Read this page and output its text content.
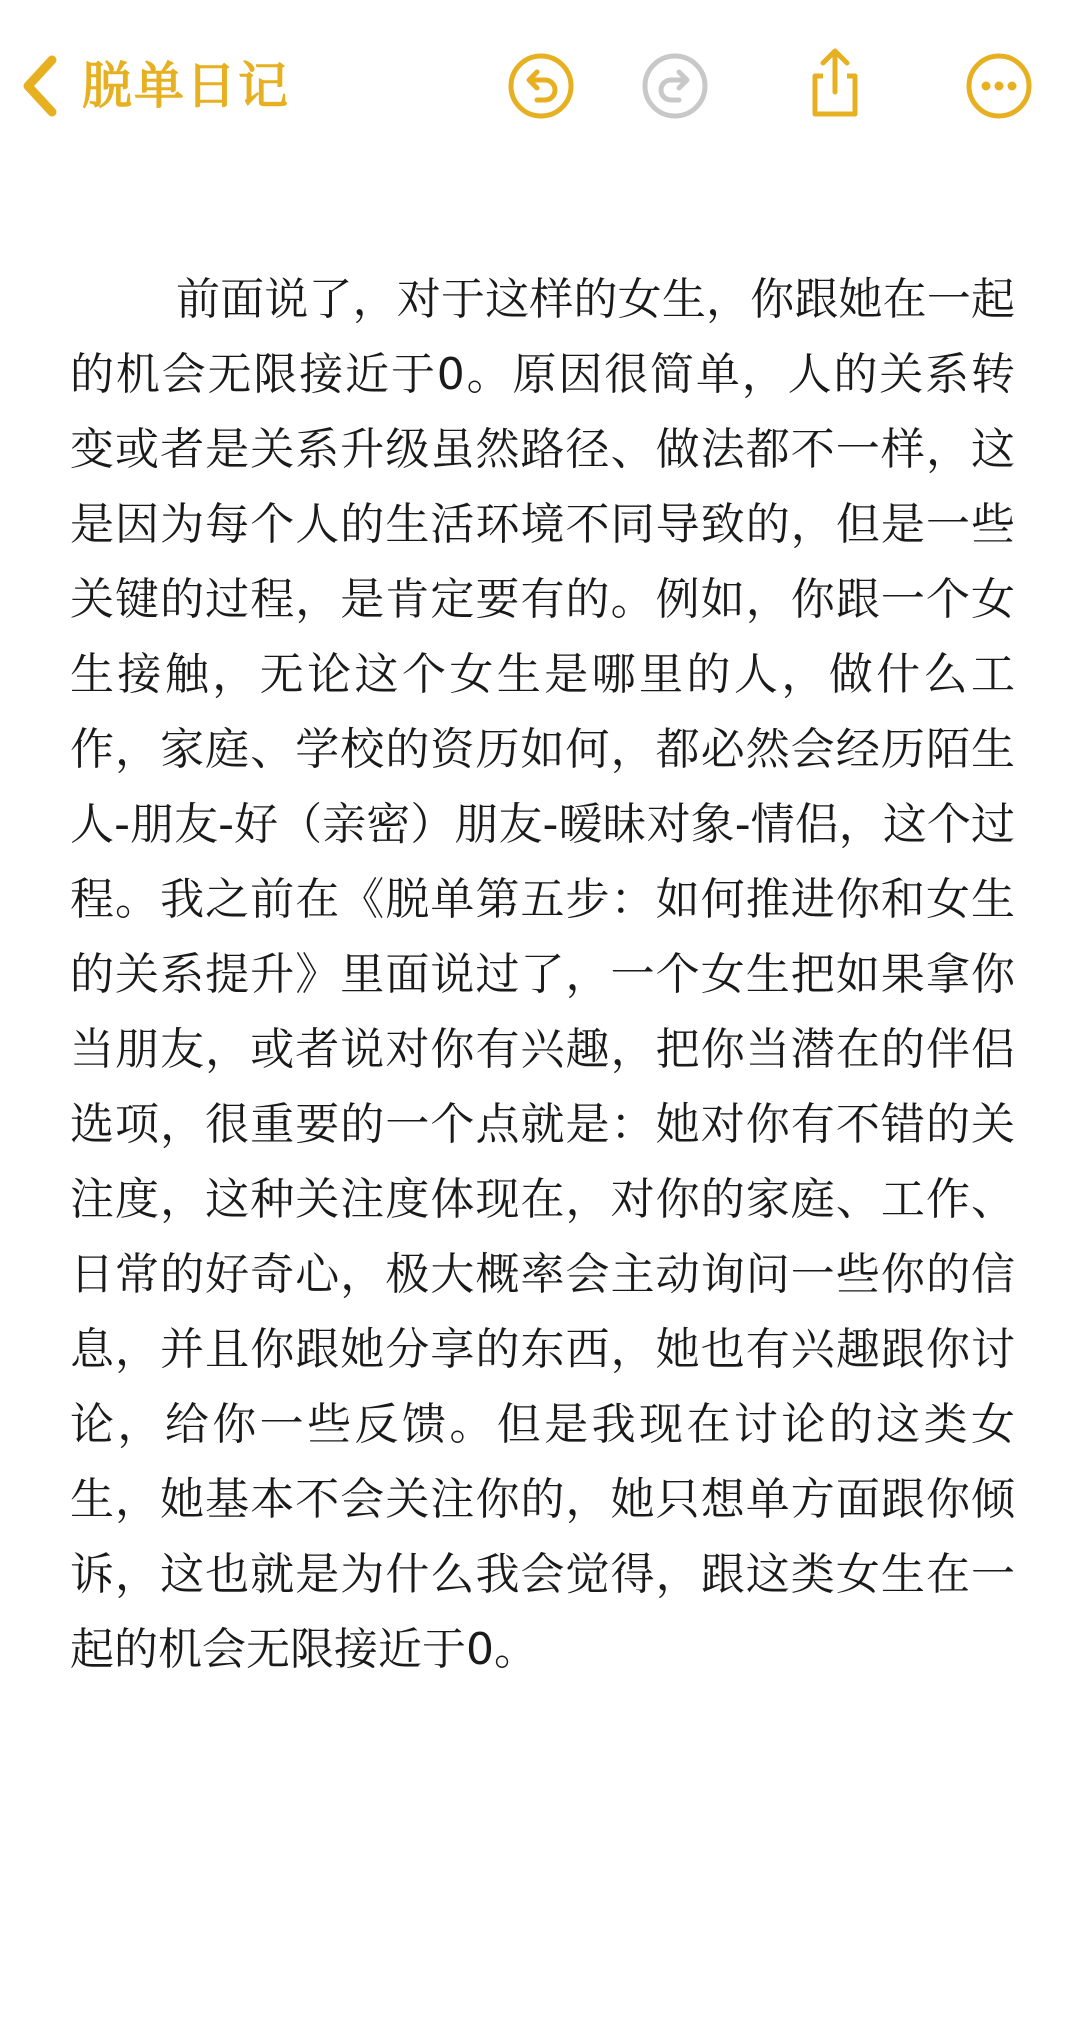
脱单日记

前面说了，对于这样的女生，你跟她在一起的机会无限接近于0。原因很简单，人的关系转变或者是关系升级虽然路径、做法都不一样，这是因为每个人的生活环境不同导致的，但是一些关键的过程，是肯定要有的。例如，你跟一个女生接触，无论这个女生是哪里的人，做什么工作，家庭、学校的资历如何，都必然会经历陌生人-朋友-好（亲密）朋友-暧昧对象-情侣，这个过程。我之前在《脱单第五步：如何推进你和女生的关系提升》里面说过了，一个女生把如果拿你当朋友，或者说对你有兴趣，把你当潜在的伴侣选项，很重要的一个点就是：她对你有不错的关注度，这种关注度体现在，对你的家庭、工作、日常的好奇心，极大概率会主动询问一些你的信息，并且你跟她分享的东西，她也有兴趣跟你讨论，给你一些反馈。但是我现在讨论的这类女生，她基本不会关注你的，她只想单方面跟你倾诉，这也就是为什么我会觉得，跟这类女生在一起的机会无限接近于0。
